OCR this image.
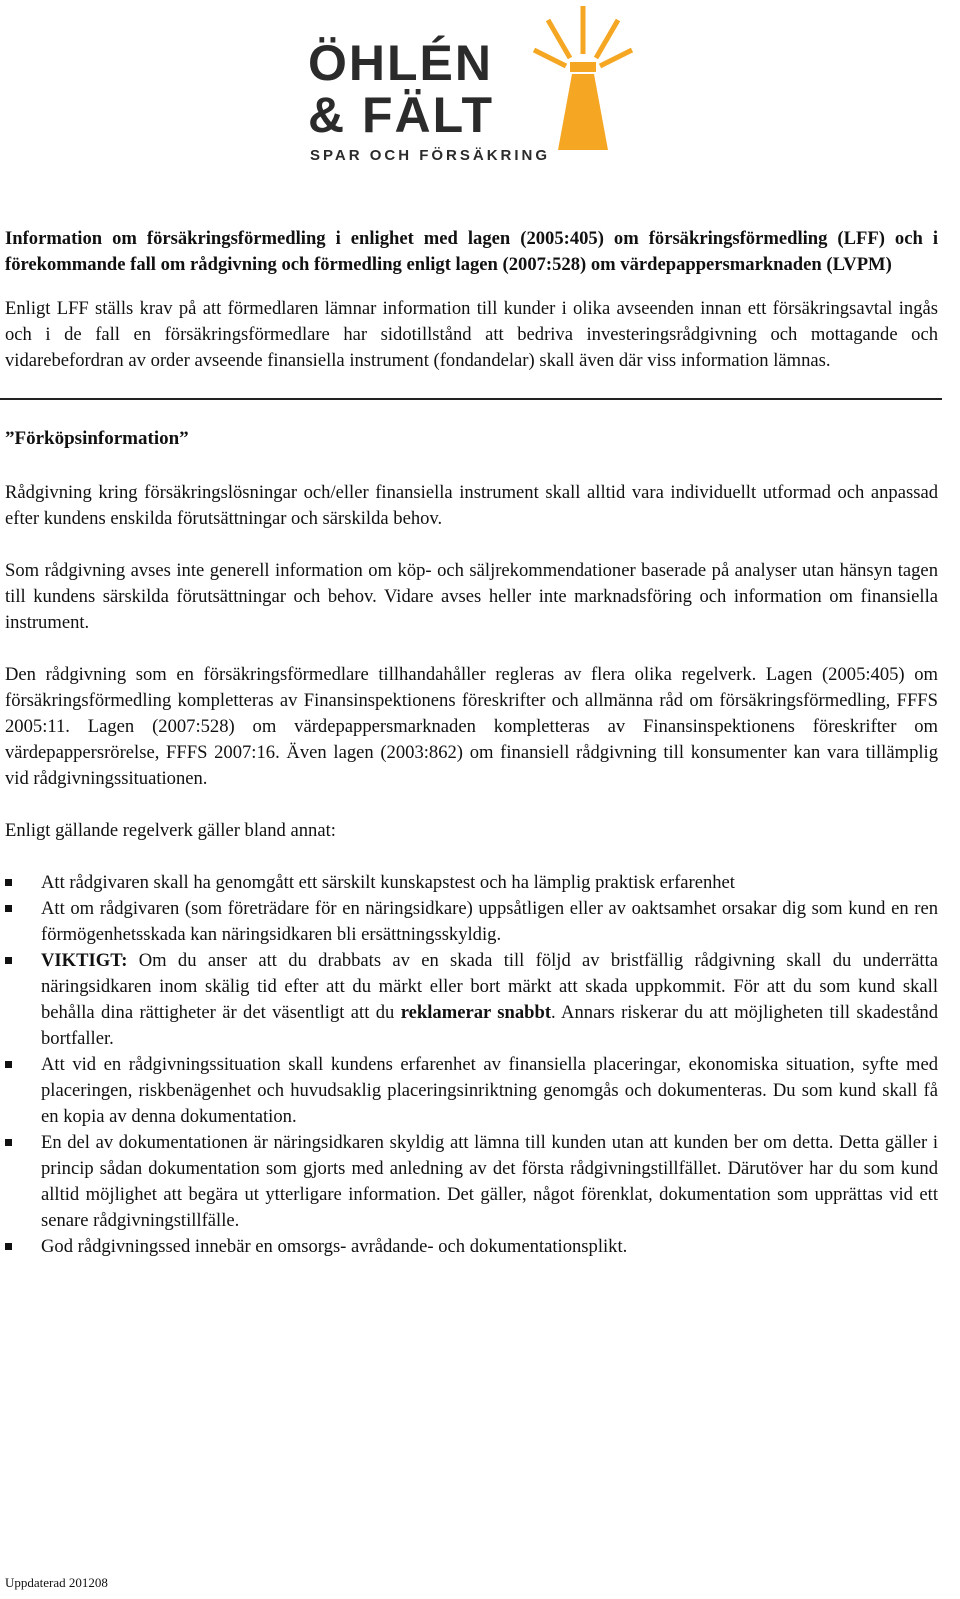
ÖHLÉN
& FÄLT
SPAR OCH FÖRSÄKRING

Information om försäkringsförmedling i enlighet med lagen (2005:405) om försäkringsförmedling (LFF) och i förekommande fall om rådgivning och förmedling enligt lagen (2007:528) om värdepappersmarknaden (LVPM)

Enligt LFF ställs krav på att förmedlaren lämnar information till kunder i olika avseenden innan ett försäkringsavtal ingås och i de fall en försäkringsförmedlare har sidotillstånd att bedriva investeringsrådgivning och mottagande och vidarebefordran av order avseende finansiella instrument (fondandelar) skall även där viss information lämnas.

”Förköpsinformation”

Rådgivning kring försäkringslösningar och/eller finansiella instrument skall alltid vara individuellt utformad och anpassad efter kundens enskilda förutsättningar och särskilda behov.

Som rådgivning avses inte generell information om köp- och säljrekommendationer baserade på analyser utan hänsyn tagen till kundens särskilda förutsättningar och behov. Vidare avses heller inte marknadsföring och information om finansiella instrument.

Den rådgivning som en försäkringsförmedlare tillhandahåller regleras av flera olika regelverk. Lagen (2005:405) om försäkringsförmedling kompletteras av Finansinspektionens föreskrifter och allmänna råd om försäkringsförmedling, FFFS 2005:11. Lagen (2007:528) om värdepappersmarknaden kompletteras av Finansinspektionens föreskrifter om värdepappersrörelse, FFFS 2007:16. Även lagen (2003:862) om finansiell rådgivning till konsumenter kan vara tillämplig vid rådgivningssituationen.

Enligt gällande regelverk gäller bland annat:

Att rådgivaren skall ha genomgått ett särskilt kunskapstest och ha lämplig praktisk erfarenhet
Att om rådgivaren (som företrädare för en näringsidkare) uppsåtligen eller av oaktsamhet orsakar dig som kund en ren förmögenhetsskada kan näringsidkaren bli ersättningsskyldig.
VIKTIGT: Om du anser att du drabbats av en skada till följd av bristfällig rådgivning skall du underrätta näringsidkaren inom skälig tid efter att du märkt eller bort märkt att skada uppkommit. För att du som kund skall behålla dina rättigheter är det väsentligt att du reklamerar snabbt. Annars riskerar du att möjligheten till skadestånd bortfaller.
Att vid en rådgivningssituation skall kundens erfarenhet av finansiella placeringar, ekonomiska situation, syfte med placeringen, riskbenägenhet och huvudsaklig placeringsinriktning genomgås och dokumenteras. Du som kund skall få en kopia av denna dokumentation.
En del av dokumentationen är näringsidkaren skyldig att lämna till kunden utan att kunden ber om detta. Detta gäller i princip sådan dokumentation som gjorts med anledning av det första rådgivningstillfället. Därutöver har du som kund alltid möjlighet att begära ut ytterligare information. Det gäller, något förenklat, dokumentation som upprättas vid ett senare rådgivningstillfälle.
God rådgivningssed innebär en omsorgs- avrådande- och dokumentationsplikt.
Uppdaterad 201208
